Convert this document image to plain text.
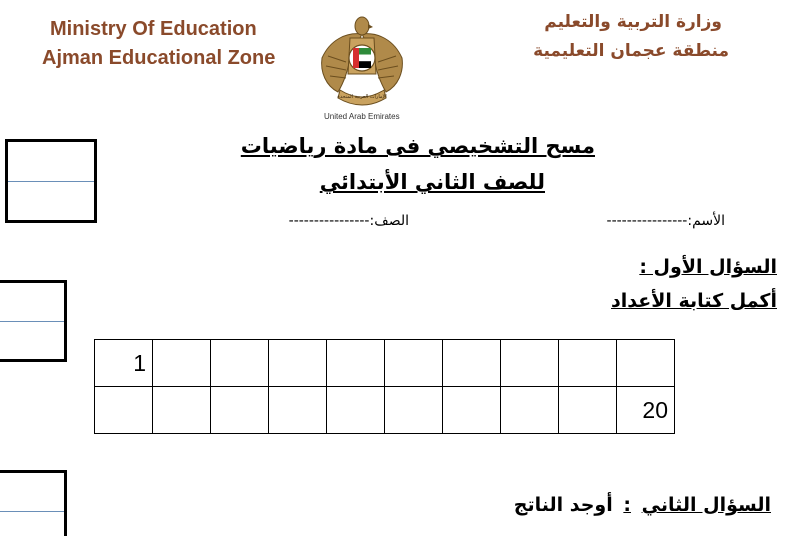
Ministry Of Education
Ajman Educational Zone
الإمارات العربية المتحدة
United Arab Emirates
وزارة التربية والتعليم
منطقة عجمان التعليمية
مسح التشخيصي فى مادة رياضيات
للصف الثاني الأبتدائي
الأسم:----------------
الصف:----------------
السؤال الأول :
أكمل كتابة الأعداد
1									
									20
السؤال الثاني : أوجد الناتج
